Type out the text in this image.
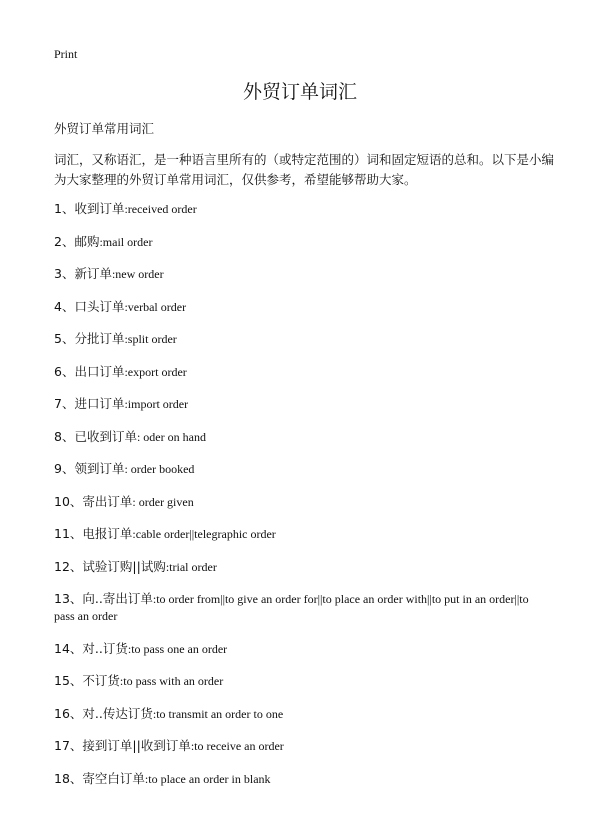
Print
外贸订单词汇
外贸订单常用词汇

词汇，又称语汇，是一种语言里所有的（或特定范围的）词和固定短语的总和。以下是小编为大家整理的外贸订单常用词汇，仅供参考，希望能够帮助大家。

1、收到订单:received order
2、邮购:mail order
3、新订单:new order
4、口头订单:verbal order
5、分批订单:split order
6、出口订单:export order
7、进口订单:import order
8、已收到订单: oder on hand
9、领到订单: order booked
10、寄出订单: order given
11、电报订单:cable order||telegraphic order
12、试验订购||试购:trial order
13、向..寄出订单:to order from||to give an order for||to place an order with||to put in an order||to pass an order
14、对..订货:to pass one an order
15、不订货:to pass with an order
16、对..传达订货:to transmit an order to one
17、接到订单||收到订单:to receive an order
18、寄空白订单:to place an order in blank
